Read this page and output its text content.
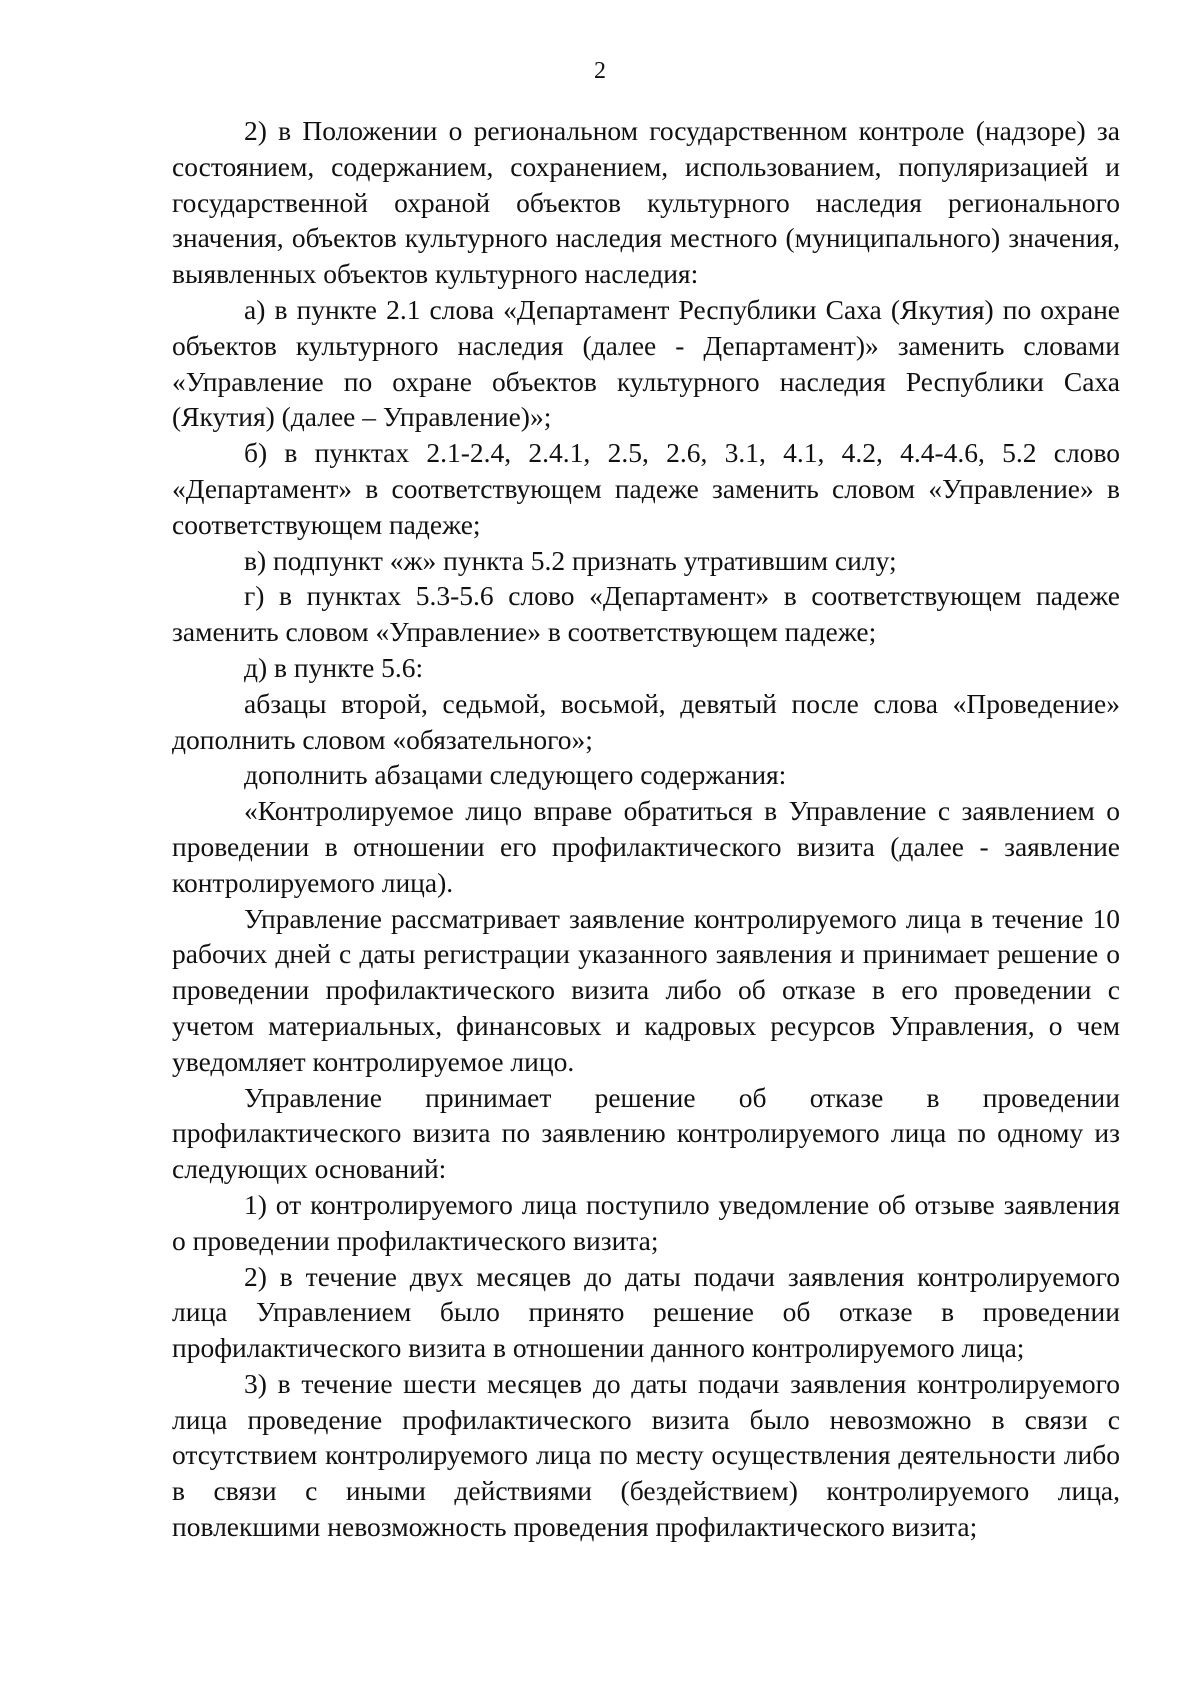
2

2) в Положении о региональном государственном контроле (надзоре) за состоянием, содержанием, сохранением, использованием, популяризацией и государственной охраной объектов культурного наследия регионального значения, объектов культурного наследия местного (муниципального) значения, выявленных объектов культурного наследия:

а) в пункте 2.1 слова «Департамент Республики Саха (Якутия) по охране объектов культурного наследия (далее - Департамент)» заменить словами «Управление по охране объектов культурного наследия Республики Саха (Якутия) (далее – Управление)»;

б) в пунктах 2.1-2.4, 2.4.1, 2.5, 2.6, 3.1, 4.1, 4.2, 4.4-4.6, 5.2 слово «Департамент» в соответствующем падеже заменить словом «Управление» в соответствующем падеже;

в) подпункт «ж» пункта 5.2 признать утратившим силу;

г) в пунктах 5.3-5.6 слово «Департамент» в соответствующем падеже заменить словом «Управление» в соответствующем падеже;

д) в пункте 5.6:

абзацы второй, седьмой, восьмой, девятый после слова «Проведение» дополнить словом «обязательного»;

дополнить абзацами следующего содержания:

«Контролируемое лицо вправе обратиться в Управление с заявлением о проведении в отношении его профилактического визита (далее - заявление контролируемого лица).

Управление рассматривает заявление контролируемого лица в течение 10 рабочих дней с даты регистрации указанного заявления и принимает решение о проведении профилактического визита либо об отказе в его проведении с учетом материальных, финансовых и кадровых ресурсов Управления, о чем уведомляет контролируемое лицо.

Управление принимает решение об отказе в проведении профилактического визита по заявлению контролируемого лица по одному из следующих оснований:

1) от контролируемого лица поступило уведомление об отзыве заявления о проведении профилактического визита;

2) в течение двух месяцев до даты подачи заявления контролируемого лица Управлением было принято решение об отказе в проведении профилактического визита в отношении данного контролируемого лица;

3) в течение шести месяцев до даты подачи заявления контролируемого лица проведение профилактического визита было невозможно в связи с отсутствием контролируемого лица по месту осуществления деятельности либо в связи с иными действиями (бездействием) контролируемого лица, повлекшими невозможность проведения профилактического визита;
